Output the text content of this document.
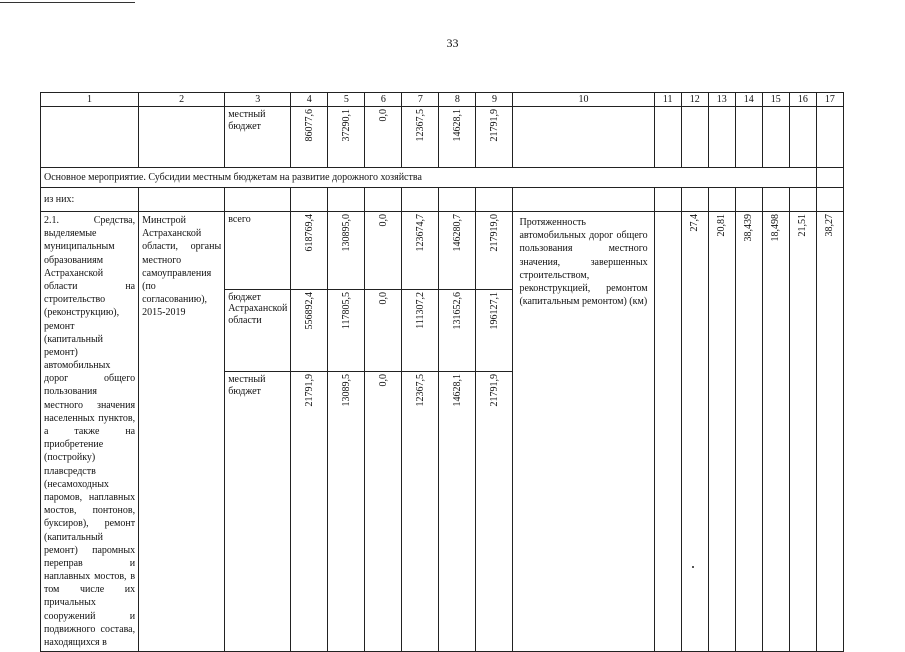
33
1	2	3	4	5	6	7	8	9	10	11	12	13	14	15	16	17
		местный бюджет	86077,6	37290,1	0,0	12367,5	14628,1	21791,9								
Основное мероприятие. Субсидии местным бюджетам на развитие дорожного хозяйства																
из них:																
2.1. Средства, выделяемые муниципальным образованиям Астраханской области на строительство (реконструкцию), ремонт (капитальный ремонт) автомобильных дорог общего пользования местного значения населенных пунктов, а также на приобретение (постройку) плавсредств (несамоходных паромов, наплавных мостов, понтонов, буксиров), ремонт (капитальный ремонт) паромных переправ и наплавных мостов, в том числе их причальных сооружений и подвижного состава, находящихся в	Минстрой Астраханской области, органы местного самоуправления (по согласованию), 2015-2019	всего	618769,4	130895,0	0,0	123674,7	146280,7	217919,0	Протяженность автомобильных дорог общего пользования местного значения, завершенных строительством, реконструкцией, ремонтом (капитальным ремонтом) (км)		27,4	20,81	38,439	18,498	21,51	38,27
		бюджет Астраханской области	556892,4	117805,5	0,0	111307,2	131652,6	196127,1								
		местный бюджет	21791,9	13089,5	0,0	12367,5	14628,1	21791,9								
